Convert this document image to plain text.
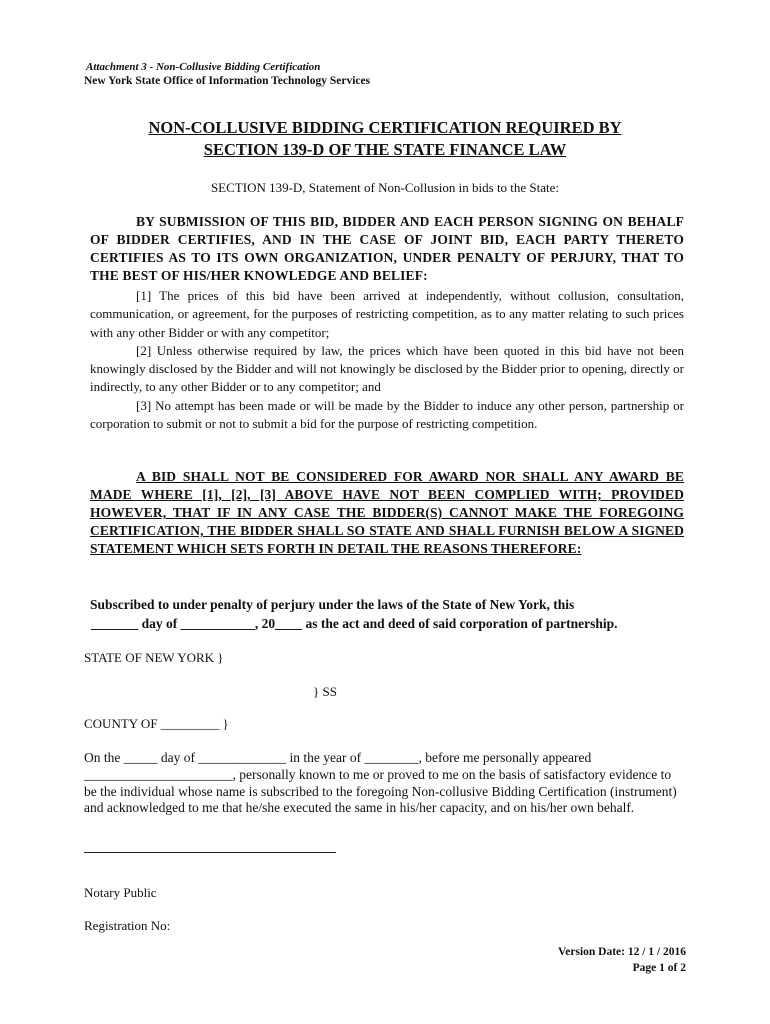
Attachment 3 - Non-Collusive Bidding Certification
New York State Office of Information Technology Services
NON-COLLUSIVE BIDDING CERTIFICATION REQUIRED BY
SECTION 139-D OF THE STATE FINANCE LAW
SECTION 139-D, Statement of Non-Collusion in bids to the State:
BY SUBMISSION OF THIS BID, BIDDER AND EACH PERSON SIGNING ON BEHALF OF BIDDER CERTIFIES, AND IN THE CASE OF JOINT BID, EACH PARTY THERETO CERTIFIES AS TO ITS OWN ORGANIZATION, UNDER PENALTY OF PERJURY, THAT TO THE BEST OF HIS/HER KNOWLEDGE AND BELIEF:

[1] The prices of this bid have been arrived at independently, without collusion, consultation, communication, or agreement, for the purposes of restricting competition, as to any matter relating to such prices with any other Bidder or with any competitor;

[2] Unless otherwise required by law, the prices which have been quoted in this bid have not been knowingly disclosed by the Bidder and will not knowingly be disclosed by the Bidder prior to opening, directly or indirectly, to any other Bidder or to any competitor; and

[3] No attempt has been made or will be made by the Bidder to induce any other person, partnership or corporation to submit or not to submit a bid for the purpose of restricting competition.

A BID SHALL NOT BE CONSIDERED FOR AWARD NOR SHALL ANY AWARD BE MADE WHERE [1], [2], [3] ABOVE HAVE NOT BEEN COMPLIED WITH; PROVIDED HOWEVER, THAT IF IN ANY CASE THE BIDDER(S) CANNOT MAKE THE FOREGOING CERTIFICATION, THE BIDDER SHALL SO STATE AND SHALL FURNISH BELOW A SIGNED STATEMENT WHICH SETS FORTH IN DETAIL THE REASONS THEREFORE:
Subscribed to under penalty of perjury under the laws of the State of New York, this
_______ day of ___________, 20____ as the act and deed of said corporation of partnership.
STATE OF NEW YORK }
} SS
COUNTY OF _________ }
On the _____ day of _____________ in the year of ________, before me personally appeared ______________________, personally known to me or proved to me on the basis of satisfactory evidence to be the individual whose name is subscribed to the foregoing Non-collusive Bidding Certification (instrument) and acknowledged to me that he/she executed the same in his/her capacity, and on his/her own behalf.
Notary Public
Registration No:
Version Date: 12 / 1 / 2016
Page 1 of 2
